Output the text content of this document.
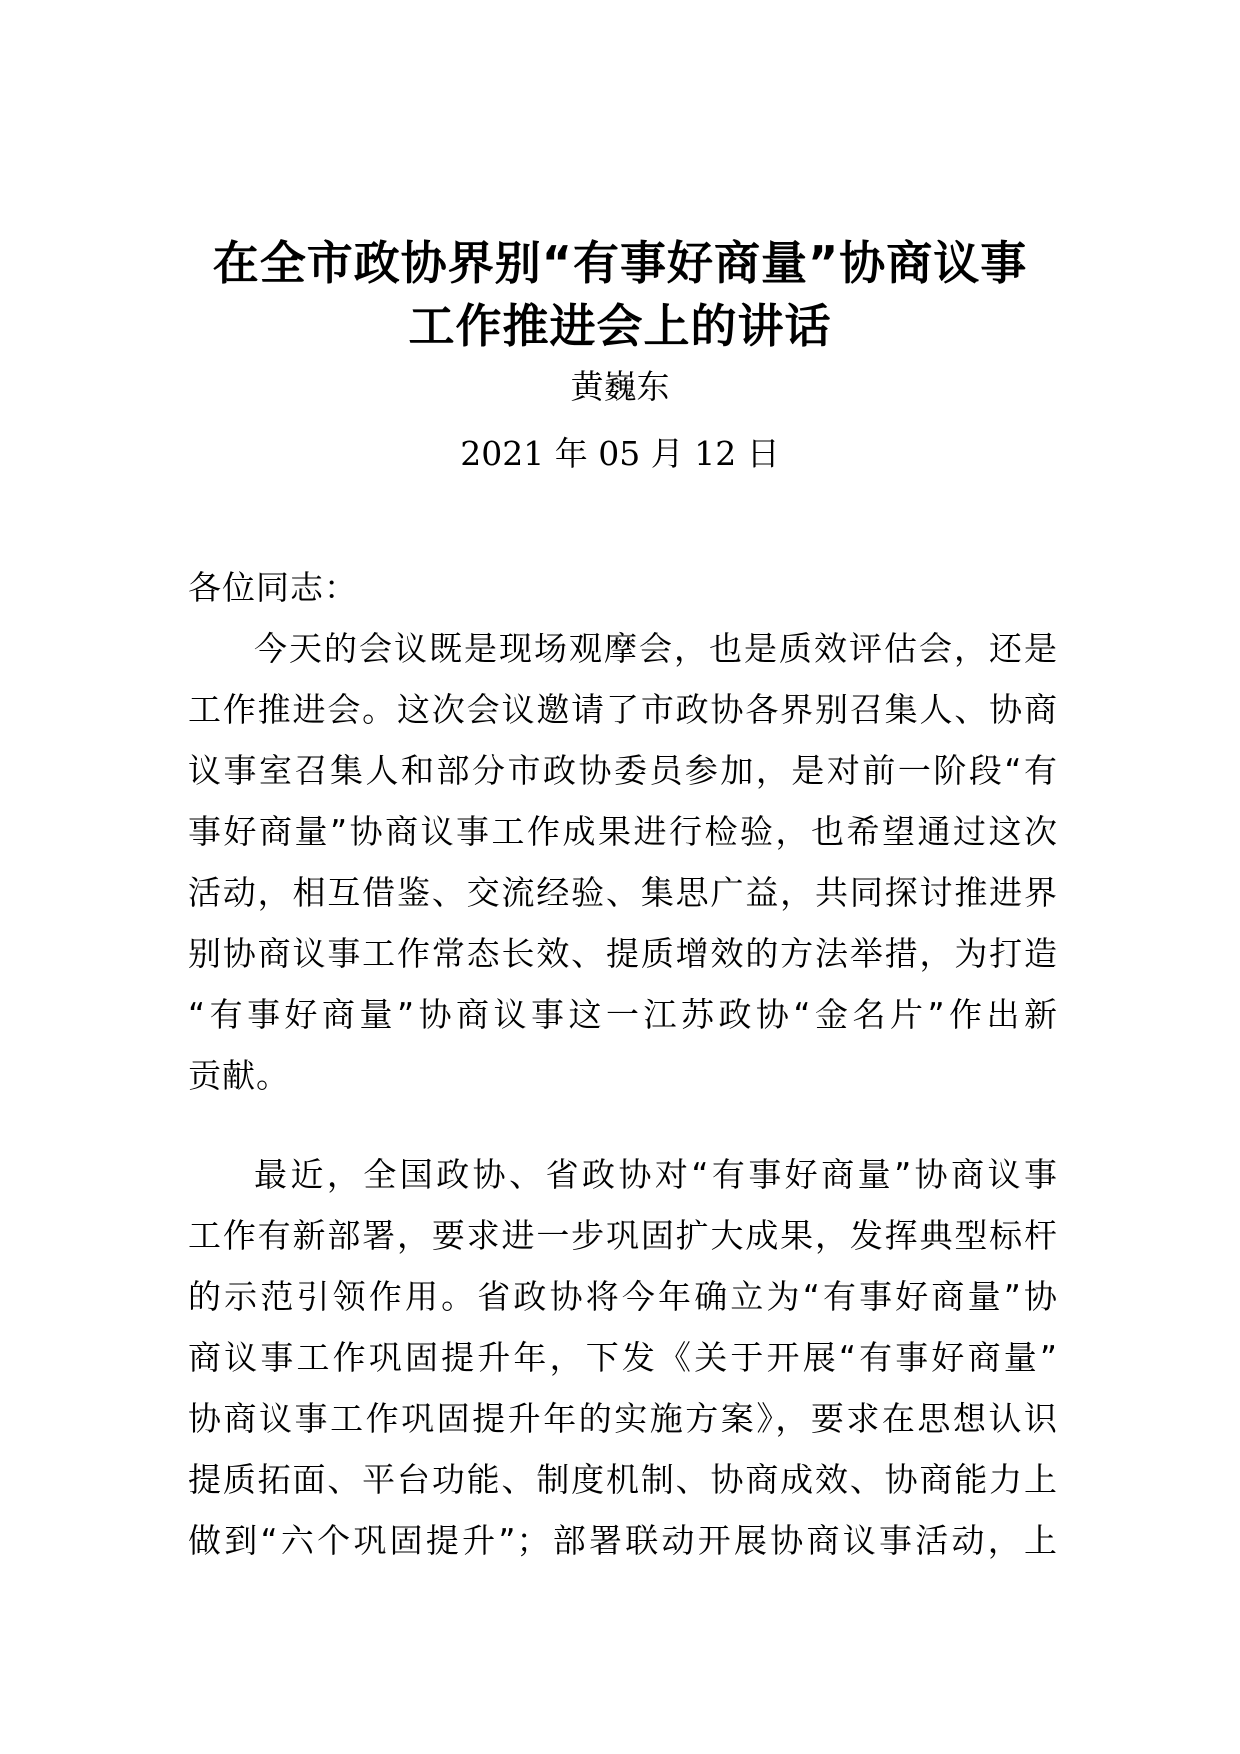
在全市政协界别“有事好商量”协商议事
工作推进会上的讲话
黄巍东
2021 年 05 月 12 日
各位同志：
今天的会议既是现场观摩会，也是质效评估会，还是
工作推进会。这次会议邀请了市政协各界别召集人、协商
议事室召集人和部分市政协委员参加，是对前一阶段“有
事好商量”协商议事工作成果进行检验，也希望通过这次
活动，相互借鉴、交流经验、集思广益，共同探讨推进界
别协商议事工作常态长效、提质增效的方法举措，为打造
“有事好商量”协商议事这一江苏政协“金名片”作出新
贡献。
最近，全国政协、省政协对“有事好商量”协商议事
工作有新部署，要求进一步巩固扩大成果，发挥典型标杆
的示范引领作用。省政协将今年确立为“有事好商量”协
商议事工作巩固提升年，下发《关于开展“有事好商量”
协商议事工作巩固提升年的实施方案》，要求在思想认识
提质拓面、平台功能、制度机制、协商成效、协商能力上
做到“六个巩固提升”；部署联动开展协商议事活动，上
